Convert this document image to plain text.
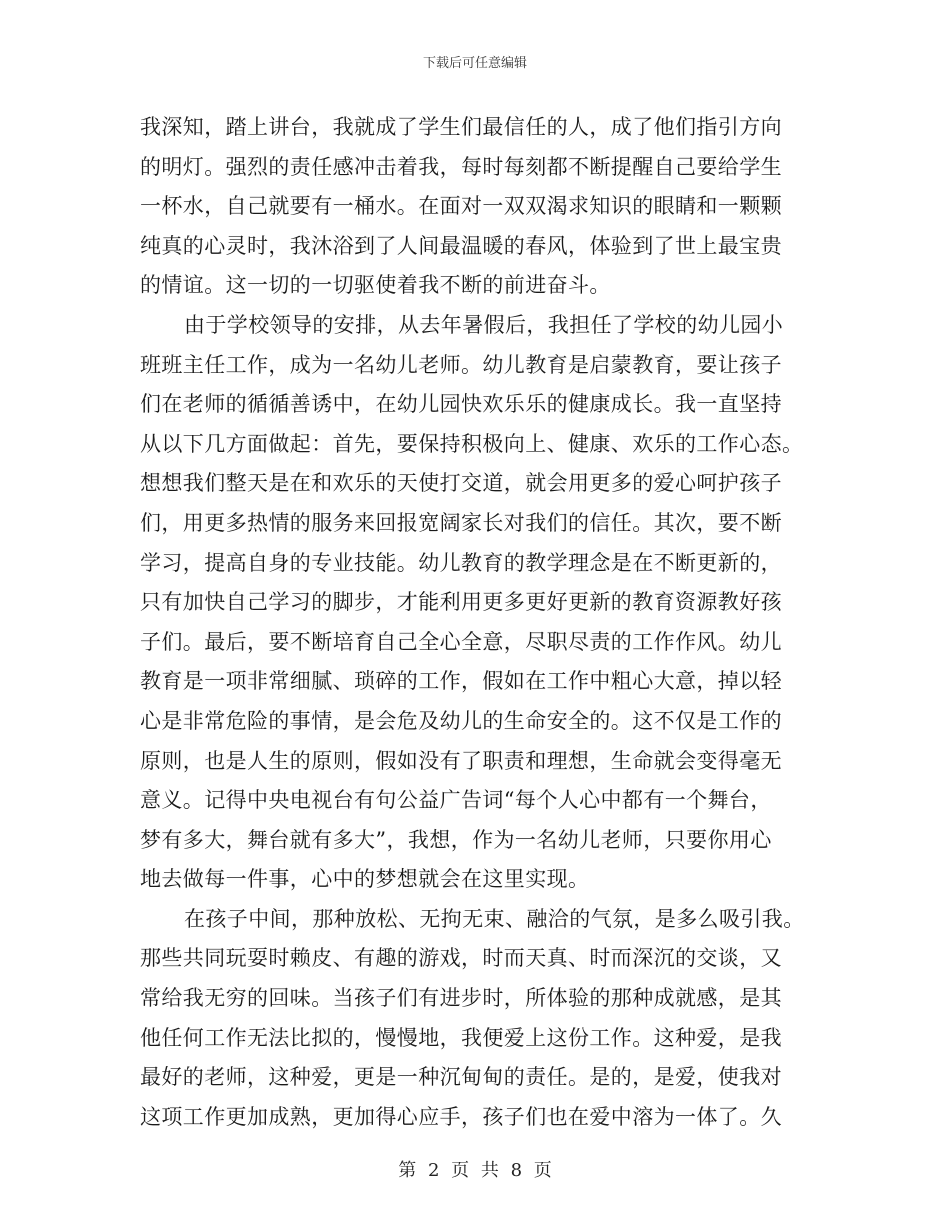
下载后可任意编辑
我深知，踏上讲台，我就成了学生们最信任的人，成了他们指引方向
的明灯。强烈的责任感冲击着我，每时每刻都不断提醒自己要给学生
一杯水，自己就要有一桶水。在面对一双双渴求知识的眼睛和一颗颗
纯真的心灵时，我沐浴到了人间最温暖的春风，体验到了世上最宝贵
的情谊。这一切的一切驱使着我不断的前进奋斗。
由于学校领导的安排，从去年暑假后，我担任了学校的幼儿园小
班班主任工作，成为一名幼儿老师。幼儿教育是启蒙教育，要让孩子
们在老师的循循善诱中，在幼儿园快欢乐乐的健康成长。我一直坚持
从以下几方面做起：首先，要保持积极向上、健康、欢乐的工作心态。
想想我们整天是在和欢乐的天使打交道，就会用更多的爱心呵护孩子
们，用更多热情的服务来回报宽阔家长对我们的信任。其次，要不断
学习，提高自身的专业技能。幼儿教育的教学理念是在不断更新的，
只有加快自己学习的脚步，才能利用更多更好更新的教育资源教好孩
子们。最后，要不断培育自己全心全意，尽职尽责的工作作风。幼儿
教育是一项非常细腻、琐碎的工作，假如在工作中粗心大意，掉以轻
心是非常危险的事情，是会危及幼儿的生命安全的。这不仅是工作的
原则，也是人生的原则，假如没有了职责和理想，生命就会变得毫无
意义。记得中央电视台有句公益广告词“每个人心中都有一个舞台，
梦有多大，舞台就有多大”，我想，作为一名幼儿老师，只要你用心
地去做每一件事，心中的梦想就会在这里实现。
在孩子中间，那种放松、无拘无束、融洽的气氛，是多么吸引我。
那些共同玩耍时赖皮、有趣的游戏，时而天真、时而深沉的交谈，又
常给我无穷的回味。当孩子们有进步时，所体验的那种成就感，是其
他任何工作无法比拟的，慢慢地，我便爱上这份工作。这种爱，是我
最好的老师，这种爱，更是一种沉甸甸的责任。是的，是爱，使我对
这项工作更加成熟，更加得心应手，孩子们也在爱中溶为一体了。久
第 2 页 共 8 页
